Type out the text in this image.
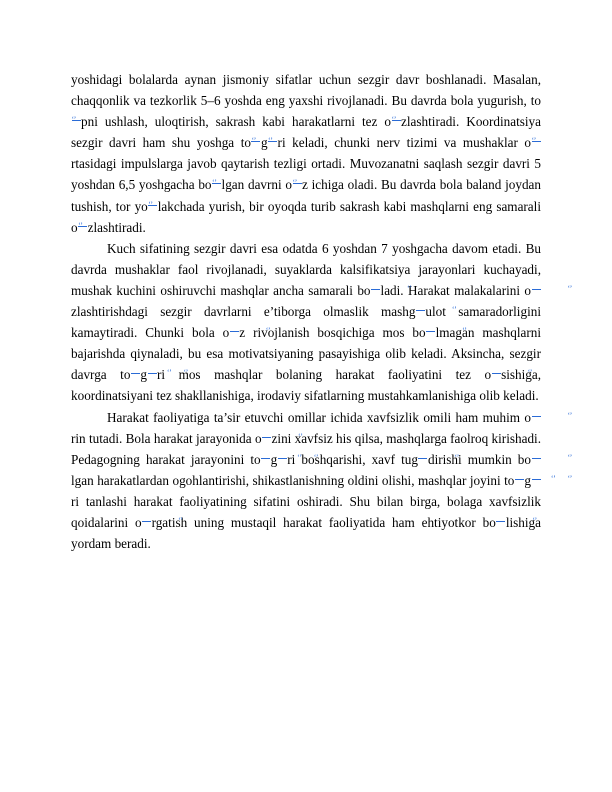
yoshidagi bolalarda aynan jismoniy sifatlar uchun sezgir davr boshlanadi. Masalan, chaqqonlik va tezkorlik 5–6 yoshda eng yaxshi rivojlanadi. Bu davrda bola yugurish, toʻʼpni ushlash, uloqtirish, sakrash kabi harakatlarni tez o ʻʼ zlashtiradi. Koordinatsiya sezgir davri ham shu yoshga to ʻʼ g ʻʼ ri keladi, chunki nerv tizimi va mushaklar oʻʼrtasidagi impulslarga javob qaytarish tezligi ortadi. Muvozanatni saqlash sezgir davri 5 yoshdan 6,5 yoshgacha bo ʻʼ lgan davrni o ʻʼ z ichiga oladi. Bu davrda bola baland joydan tushish, tor yo ʻʼ lakchada yurish, bir oyoqda turib sakrash kabi mashqlarni eng samarali o ʻʼ zlashtiradi.

Kuch sifatining sezgir davri esa odatda 6 yoshdan 7 yoshgacha davom etadi. Bu davrda mushaklar faol rivojlanadi, suyaklarda kalsifikatsiya jarayonlari kuchayadi, mushak kuchini oshiruvchi mashqlar ancha samarali bo ʻʼ ladi. Harakat malakalarini oʻʼzlashtirishdagi sezgir davrlarni e’tiborga olmaslik mashg ʻʼ ulot samaradorligini kamaytiradi. Chunki bola o ʻʼ z rivojlanish bosqichiga mos bo ʻʼ lmagan mashqlarni bajarishda qiynaladi, bu esa motivatsiyaning pasayishiga olib keladi. Aksincha, sezgir davrga to ʻʼ g ʻʼ ri mos mashqlar bolaning harakat faoliyatini tez o ʻʼ sishiga, koordinatsiyani tez shakllanishiga, irodaviy sifatlarning mustahkamlanishiga olib keladi.

Harakat faoliyatiga ta’sir etuvchi omillar ichida xavfsizlik omili ham muhim oʻʼrin tutadi. Bola harakat jarayonida o ʻʼ zini xavfsiz his qilsa, mashqlarga faolroq kirishadi. Pedagogning harakat jarayonini to ʻʼ g ʻʼ ri boshqarishi, xavf tug ʻʼ dirishi mumkin boʻʼlgan harakatlardan ogohlantirishi, shikastlanishning oldini olishi, mashqlar joyini to ʻʼ gʻʼri tanlashi harakat faoliyatining sifatini oshiradi. Shu bilan birga, bolaga xavfsizlik qoidalarini o ʻʼ rgatish uning mustaqil harakat faoliyatida ham ehtiyotkor bo ʻʼ lishiga yordam beradi.
